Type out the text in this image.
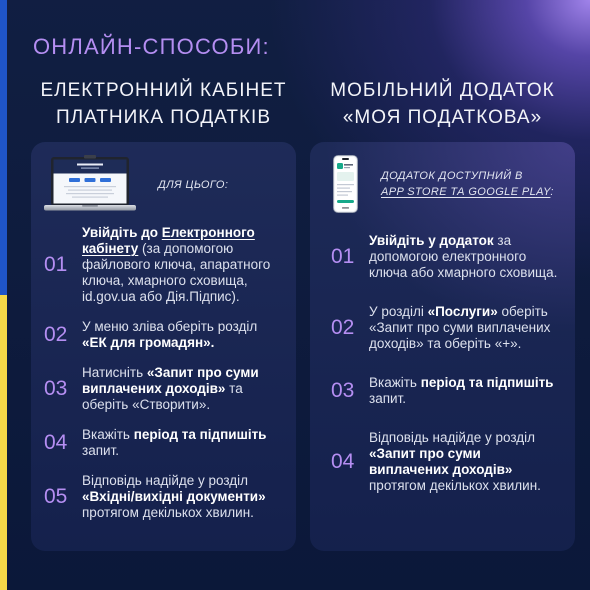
ОНЛАЙН-СПОСОБИ:
ЕЛЕКТРОННИЙ КАБІНЕТ
ПЛАТНИКА ПОДАТКІВ
МОБІЛЬНИЙ ДОДАТОК
«МОЯ ПОДАТКОВА»
ДЛЯ ЦЬОГО:
01
Увійдіть до Електронного
кабінету (за допомогою
файлового ключа, апаратного
ключа, хмарного сховища,
id.gov.ua або Дія.Підпис).
02	У меню зліва оберіть розділ
«ЕК для громадян».
03
Натисніть «Запит про суми
виплачених доходів» та
оберіть «Створити».
04	Вкажіть період та підпишіть
запит.
05
Відповідь надійде у розділ
«Вхідні/вихідні документи»
протягом декількох хвилин.
ДОДАТОК ДОСТУПНИЙ В
APP STORE ТА GOOGLE PLAY:
01
Увійдіть у додаток за
допомогою електронного
ключа або хмарного сховища.
02
У розділі «Послуги» оберіть
«Запит про суми виплачених
доходів» та оберіть «+».
03	Вкажіть період та підпишіть
запит.
04
Відповідь надійде у розділ
«Запит про суми
виплачених доходів»
протягом декількох хвилин.
